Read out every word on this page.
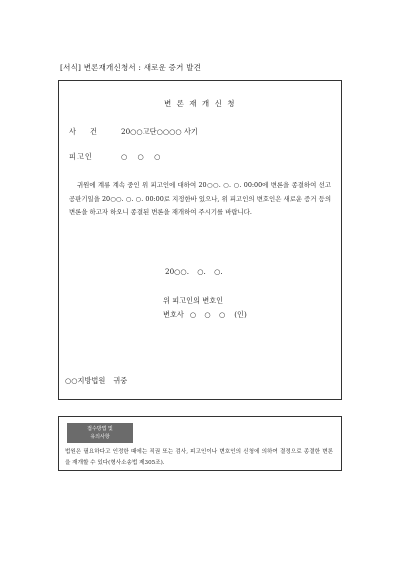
[서식] 변론재개신청서 : 새로운 증거 발견
변 론 재 개 신 청
사건 20○○고단○○○○ 사기
피고인	○ ○ ○
귀원에 계류 계속 중인 위 피고인에 대하여 20○○. ○. ○. 00:00에 변론을 종결하여 선고공판기일을 20○○. ○. ○. 00:00로 지정한바 있으나, 위 피고인의 변호인은 새로운 증거 등의 변론을 하고자 하오니 종결된 변론을 재개하여 주시기를 바랍니다.
20○○. ○. ○.
위 피고인의 변호인
변호사 ○ ○ ○ (인)
○○지방법원 귀중
접수방법 및
유의사항
법원은 필요하다고 인정한 때에는 직권 또는 검사, 피고인이나 변호인의 신청에 의하여 결정으로 종결한 변론을 재개할 수 있다(형사소송법 제305조).
